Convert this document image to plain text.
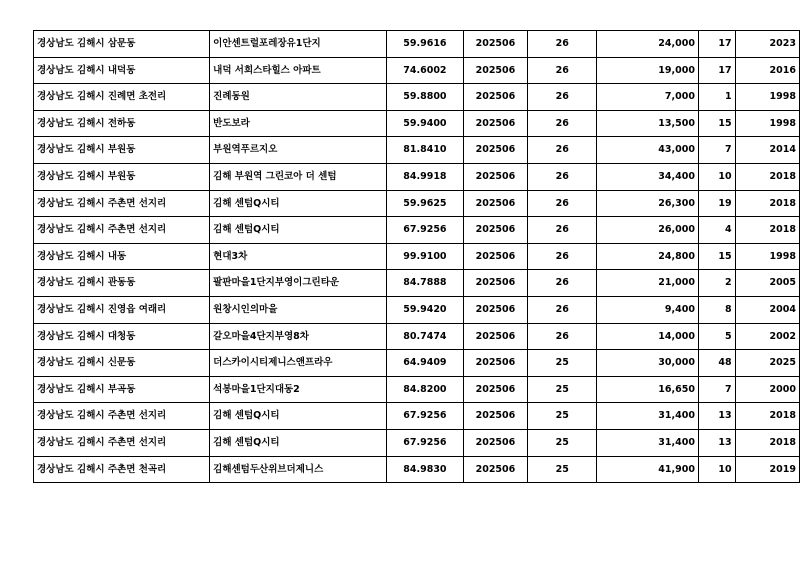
경상남도 김해시 삼문동	이안센트럴포레장유1단지	59.9616	202506	26	24,000	17	2023
경상남도 김해시 내덕동	내덕 서희스타힐스 아파트	74.6002	202506	26	19,000	17	2016
경상남도 김해시 진례면 초전리	진례동원	59.8800	202506	26	7,000	1	1998
경상남도 김해시 전하동	반도보라	59.9400	202506	26	13,500	15	1998
경상남도 김해시 부원동	부원역푸르지오	81.8410	202506	26	43,000	7	2014
경상남도 김해시 부원동	김해 부원역 그린코아 더 센텀	84.9918	202506	26	34,400	10	2018
경상남도 김해시 주촌면 선지리	김해 센텀Q시티	59.9625	202506	26	26,300	19	2018
경상남도 김해시 주촌면 선지리	김해 센텀Q시티	67.9256	202506	26	26,000	4	2018
경상남도 김해시 내동	현대3차	99.9100	202506	26	24,800	15	1998
경상남도 김해시 관동동	팔판마을1단지부영이그린타운	84.7888	202506	26	21,000	2	2005
경상남도 김해시 진영읍 여래리	원창시인의마을	59.9420	202506	26	9,400	8	2004
경상남도 김해시 대청동	갈오마을4단지부영8차	80.7474	202506	26	14,000	5	2002
경상남도 김해시 신문동	더스카이시티제니스앤프라우	64.9409	202506	25	30,000	48	2025
경상남도 김해시 부곡동	석봉마을1단지대동2	84.8200	202506	25	16,650	7	2000
경상남도 김해시 주촌면 선지리	김해 센텀Q시티	67.9256	202506	25	31,400	13	2018
경상남도 김해시 주촌면 선지리	김해 센텀Q시티	67.9256	202506	25	31,400	13	2018
경상남도 김해시 주촌면 천곡리	김해센텀두산위브더제니스	84.9830	202506	25	41,900	10	2019
